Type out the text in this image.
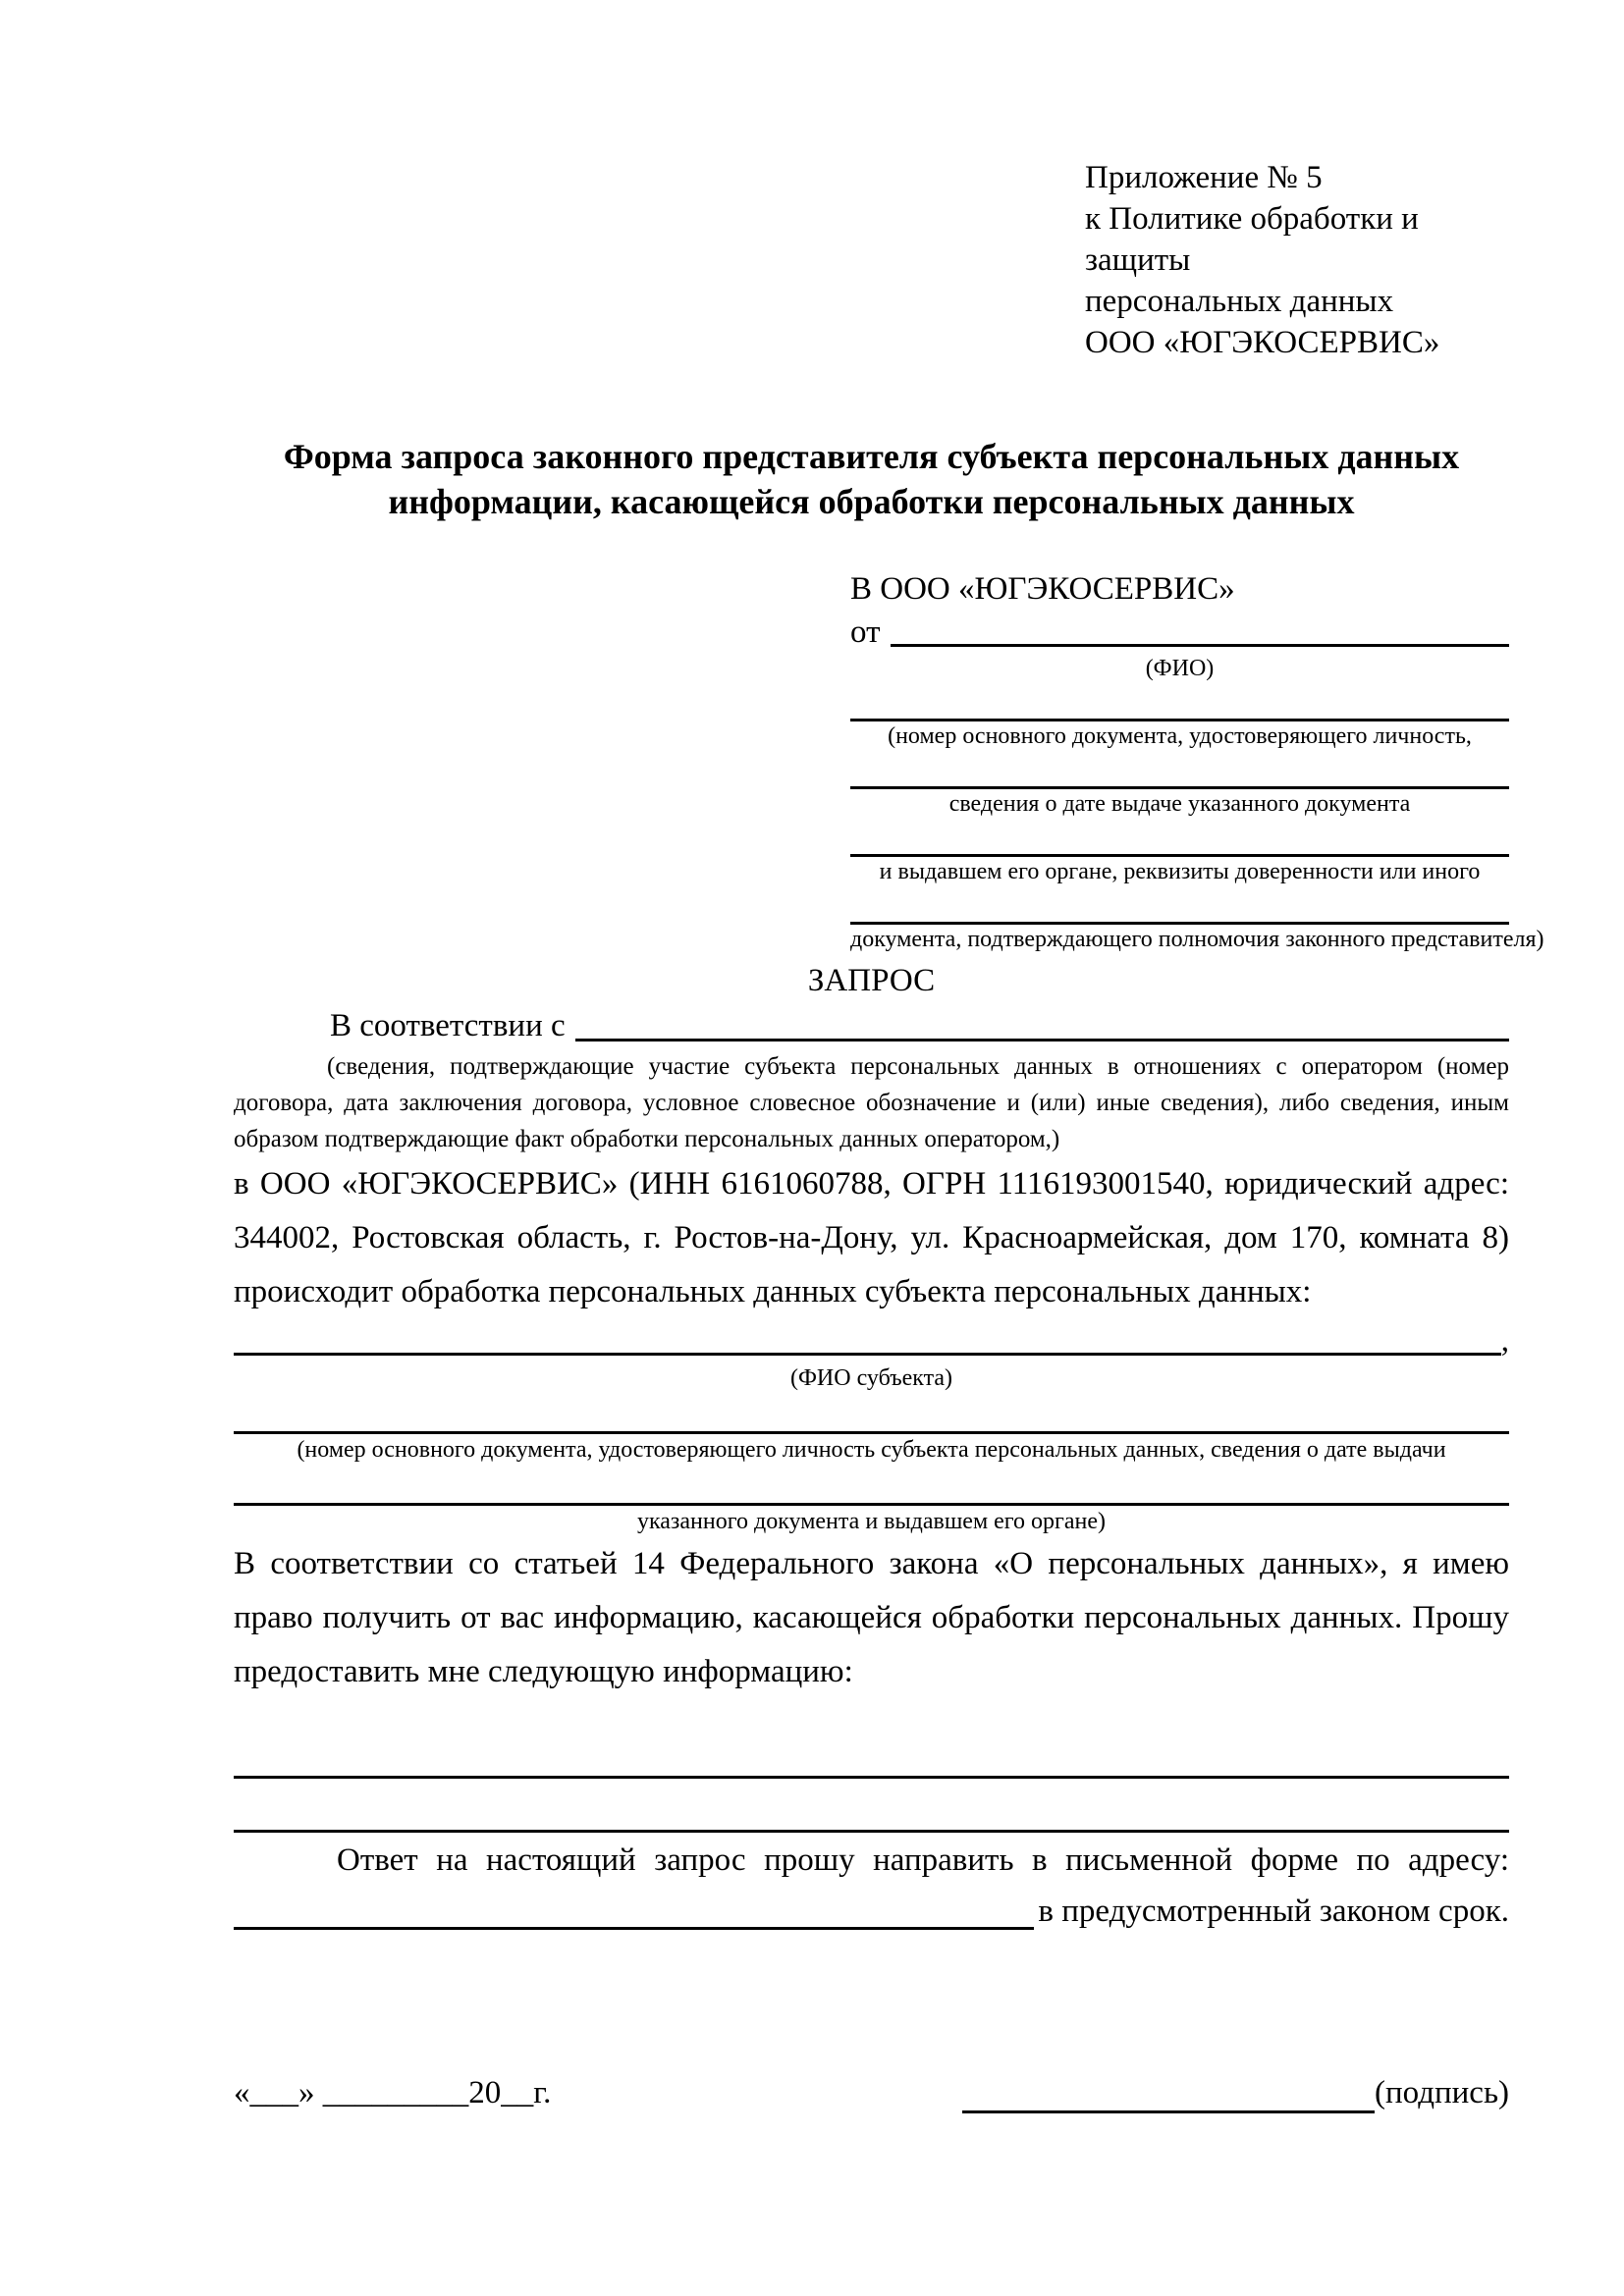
Приложение № 5
к Политике обработки и защиты
персональных данных
ООО «ЮГЭКОСЕРВИС»
Форма запроса законного представителя субъекта персональных данных
информации, касающейся обработки персональных данных
В ООО «ЮГЭКОСЕРВИС»
от
(ФИО)
(номер основного документа, удостоверяющего личность,
сведения о дате выдаче указанного документа
и выдавшем его органе, реквизиты доверенности или иного
документа, подтверждающего полномочия законного представителя)
ЗАПРОС
В соответствии с

(сведения, подтверждающие участие субъекта персональных данных в отношениях с оператором (номер договора, дата заключения договора, условное словесное обозначение и (или) иные сведения), либо сведения, иным образом подтверждающие факт обработки персональных данных оператором,)

в ООО «ЮГЭКОСЕРВИС» (ИНН 6161060788, ОГРН 1116193001540, юридический адрес: 344002, Ростовская область, г. Ростов-на-Дону, ул. Красноармейская, дом 170, комната 8) происходит обработка персональных данных субъекта персональных данных:

,
(ФИО субъекта)
(номер основного документа, удостоверяющего личность субъекта персональных данных, сведения о дате выдачи
указанного документа и выдавшем его органе)

В соответствии со статьей 14 Федерального закона «О персональных данных», я имею право получить от вас информацию, касающейся обработки персональных данных. Прошу предоставить мне следующую информацию:

Ответ на настоящий запрос прошу направить в письменной форме по адресу:

в предусмотренный законом срок.
«___» _________20__г.	(подпись)
